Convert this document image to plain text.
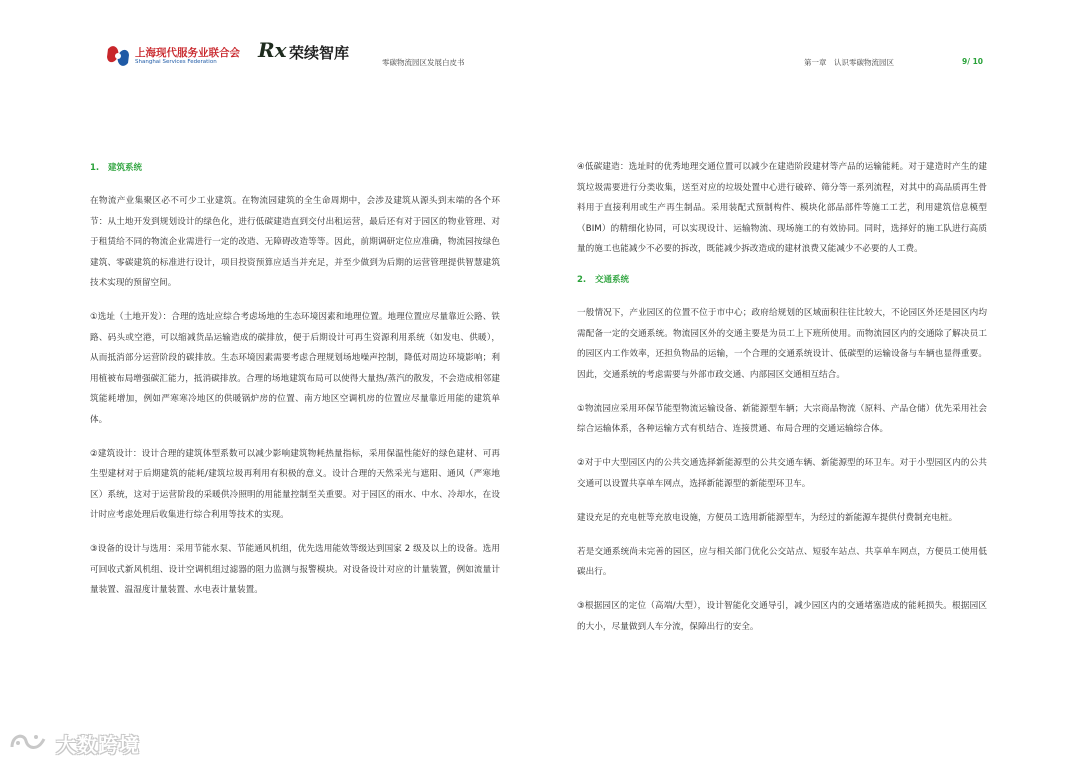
上海现代服务业联合会
Shanghai Services Federation Rx 荣续智库
零碳物流园区发展白皮书	第一章　认识零碳物流园区	9/ 10
1. 建筑系统

在物流产业集聚区必不可少工业建筑。在物流园建筑的全生命周期中，会涉及建筑从源头到末端的各个环节：从土地开发到规划设计的绿色化，进行低碳建造直到交付出租运营，最后还有对于园区的物业管理、对于租赁给不同的物流企业需进行一定的改造、无障碍改造等等。因此，前期调研定位应准确，物流园按绿色建筑、零碳建筑的标准进行设计，项目投资预算应适当并充足，并至少做到为后期的运营管理提供智慧建筑技术实现的预留空间。

①选址（土地开发）：合理的选址应综合考虑场地的生态环境因素和地理位置。地理位置应尽量靠近公路、铁路、码头或空港，可以缩减货品运输造成的碳排放，便于后期设计可再生资源利用系统（如发电、供暖），从而抵消部分运营阶段的碳排放。生态环境因素需要考虑合理规划场地噪声控制，降低对周边环境影响；利用植被布局增强碳汇能力，抵消碳排放。合理的场地建筑布局可以使得大量热/蒸汽的散发，不会造成相邻建筑能耗增加，例如严寒寒冷地区的供暖锅炉房的位置、南方地区空调机房的位置应尽量靠近用能的建筑单体。

②建筑设计：设计合理的建筑体型系数可以减少影响建筑物耗热量指标，采用保温性能好的绿色建材、可再生型建材对于后期建筑的能耗/建筑垃圾再利用有积极的意义。设计合理的天然采光与遮阳、通风（严寒地区）系统，这对于运营阶段的采暖供冷照明的用能量控制至关重要。对于园区的雨水、中水、冷却水，在设计时应考虑处理后收集进行综合利用等技术的实现。

③设备的设计与选用：采用节能水泵、节能通风机组，优先选用能效等级达到国家 2 级及以上的设备。选用可回收式新风机组、设计空调机组过滤器的阻力监测与报警模块。对设备设计对应的计量装置，例如流量计量装置、温湿度计量装置、水电表计量装置。

④低碳建造：选址时的优秀地理交通位置可以减少在建造阶段建材等产品的运输能耗。对于建造时产生的建筑垃圾需要进行分类收集，送至对应的垃圾处置中心进行破碎、筛分等一系列流程，对其中的高品质再生骨料用于直接利用或生产再生制品。采用装配式预制构件、模块化部品部件等施工工艺，利用建筑信息模型（BIM）的精细化协同，可以实现设计、运输物流、现场施工的有效协同。同时，选择好的施工队进行高质量的施工也能减少不必要的拆改，既能减少拆改造成的建材浪费又能减少不必要的人工费。

2. 交通系统

一般情况下，产业园区的位置不位于市中心；政府给规划的区域面积往往比较大，不论园区外还是园区内均需配备一定的交通系统。物流园区外的交通主要是为员工上下班所使用。而物流园区内的交通除了解决员工的园区内工作效率，还担负物品的运输，一个合理的交通系统设计、低碳型的运输设备与车辆也显得重要。因此，交通系统的考虑需要与外部市政交通、内部园区交通相互结合。

①物流园应采用环保节能型物流运输设备、新能源型车辆；大宗商品物流（原料、产品仓储）优先采用社会综合运输体系，各种运输方式有机结合、连接贯通、布局合理的交通运输综合体。

②对于中大型园区内的公共交通选择新能源型的公共交通车辆、新能源型的环卫车。对于小型园区内的公共交通可以设置共享单车网点，选择新能源型的新能型环卫车。

建设充足的充电桩等充放电设施，方便员工选用新能源型车，为经过的新能源车提供付费制充电桩。

若是交通系统尚未完善的园区，应与相关部门优化公交站点、短驳车站点、共享单车网点，方便员工使用低碳出行。

③根据园区的定位（高端/大型），设计智能化交通导引，减少园区内的交通堵塞造成的能耗损失。根据园区的大小，尽量做到人车分流，保障出行的安全。

大数跨境
